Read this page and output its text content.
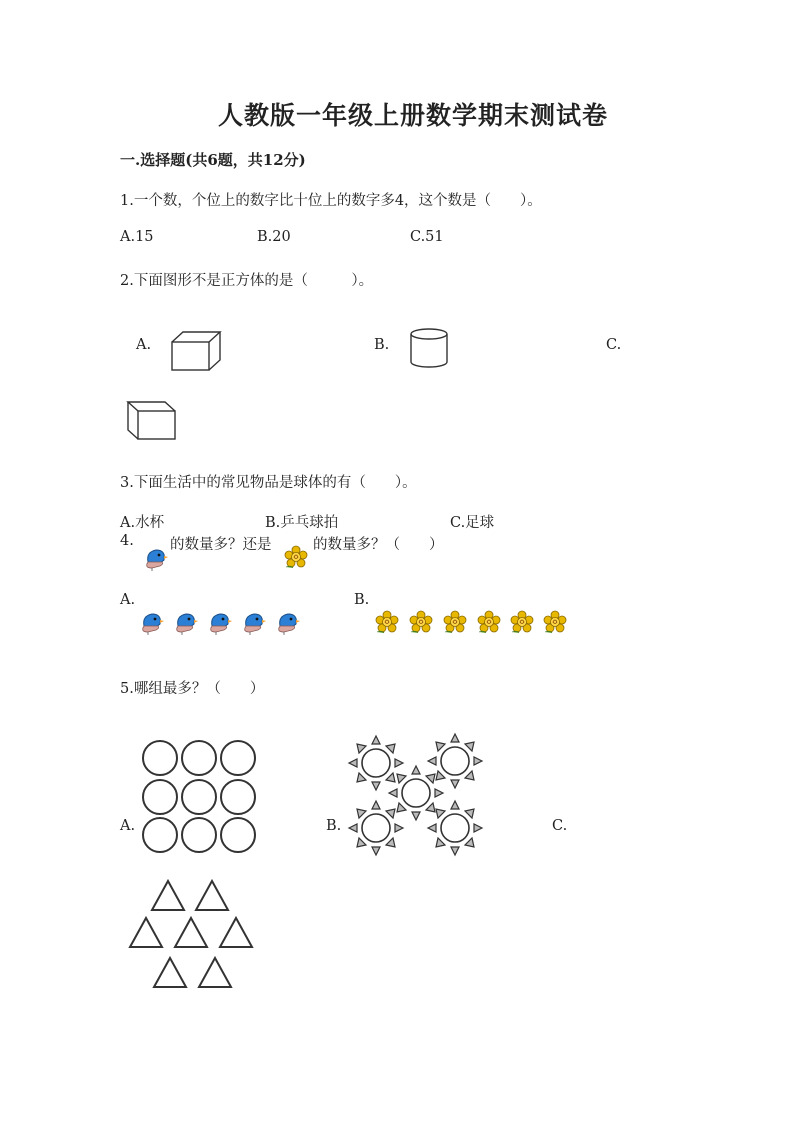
人教版一年级上册数学期末测试卷
一.选择题(共6题，共12分)
1.一个数，个位上的数字比十位上的数字多4，这个数是（　　）。
A.15	B.20	C.51
2.下面图形不是正方体的是（　　　）。
A.	B.	C.
3.下面生活中的常见物品是球体的有（　　）。
A.水杯	B.乒乓球拍	C.足球
4. 的数量多？还是	的数量多？（　　）
A.	B.
5.哪组最多？（　　）
A.	B.	C.
